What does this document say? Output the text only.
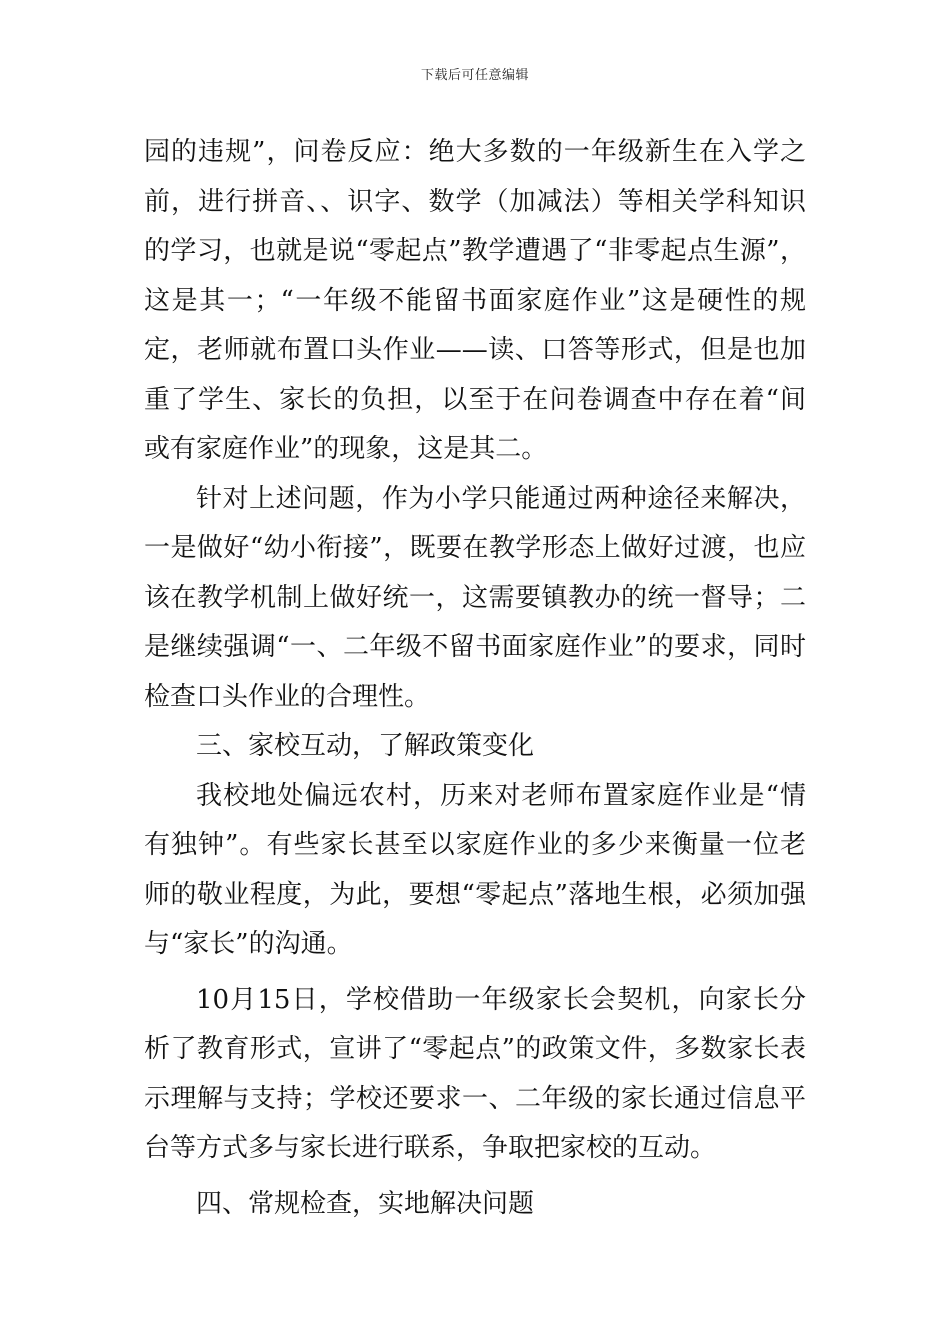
下载后可任意编辑

园的违规”，问卷反应：绝大多数的一年级新生在入学之前，进行拼音、、识字、数学（加减法）等相关学科知识的学习，也就是说“零起点”教学遭遇了“非零起点生源”，这是其一；“一年级不能留书面家庭作业”这是硬性的规定，老师就布置口头作业——读、口答等形式，但是也加重了学生、家长的负担，以至于在问卷调查中存在着“间或有家庭作业”的现象，这是其二。

针对上述问题，作为小学只能通过两种途径来解决，一是做好“幼小衔接”，既要在教学形态上做好过渡，也应该在教学机制上做好统一，这需要镇教办的统一督导；二是继续强调“一、二年级不留书面家庭作业”的要求，同时检查口头作业的合理性。

三、家校互动，了解政策变化

我校地处偏远农村，历来对老师布置家庭作业是“情有独钟”。有些家长甚至以家庭作业的多少来衡量一位老师的敬业程度，为此，要想“零起点”落地生根，必须加强与“家长”的沟通。

10月15日，学校借助一年级家长会契机，向家长分析了教育形式，宣讲了“零起点”的政策文件，多数家长表示理解与支持；学校还要求一、二年级的家长通过信息平台等方式多与家长进行联系，争取把家校的互动。

四、常规检查，实地解决问题
